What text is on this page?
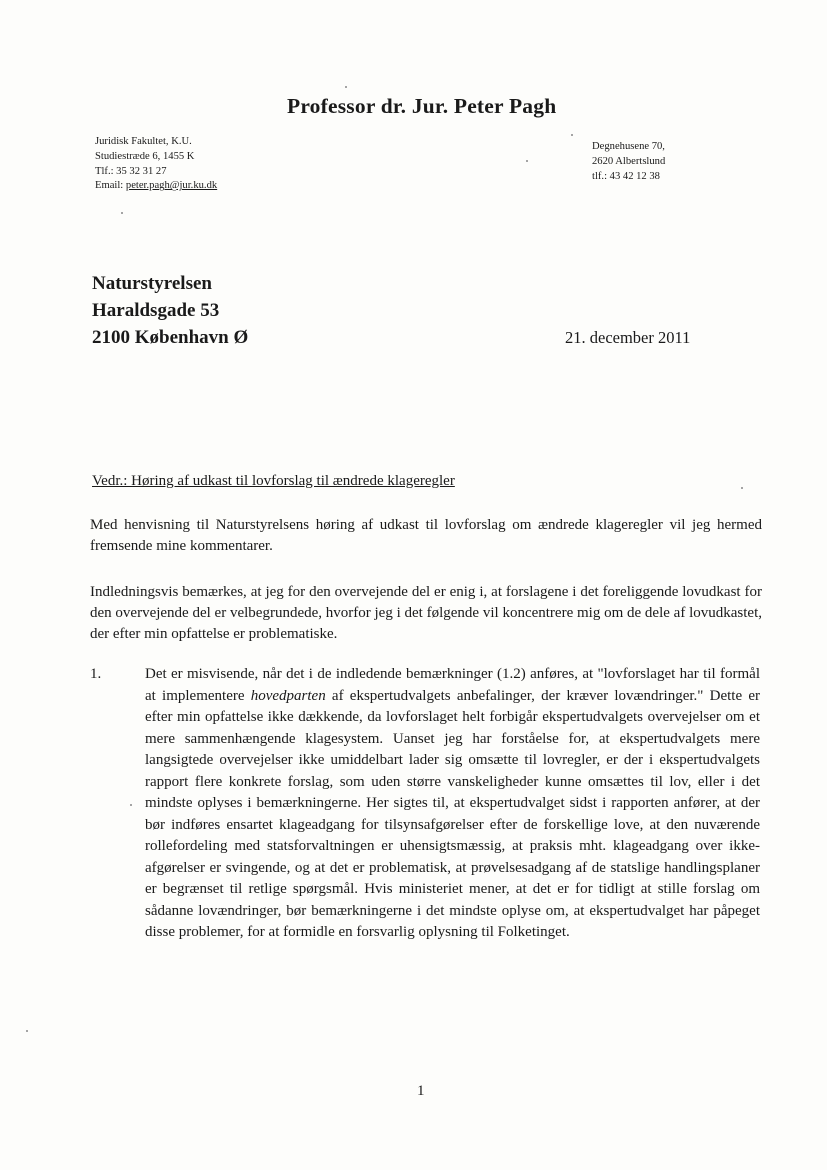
Professor dr. Jur. Peter Pagh
Juridisk Fakultet, K.U.
Studiestræde 6, 1455 K
Tlf.: 35 32 31 27
Email: peter.pagh@jur.ku.dk
Degnehusene 70,
2620 Albertslund
tlf.: 43 42 12 38
Naturstyrelsen
Haraldsgade 53
2100 København Ø	21. december 2011
Vedr.: Høring af udkast til lovforslag til ændrede klageregler
Med henvisning til Naturstyrelsens høring af udkast til lovforslag om ændrede klageregler vil jeg hermed fremsende mine kommentarer.
Indledningsvis bemærkes, at jeg for den overvejende del er enig i, at forslagene i det foreliggende lovudkast for den overvejende del er velbegrundede, hvorfor jeg i det følgende vil koncentrere mig om de dele af lovudkastet, der efter min opfattelse er problematiske.
1.	Det er misvisende, når det i de indledende bemærkninger (1.2) anføres, at "lovforslaget har til formål at implementere hovedparten af ekspertudvalgets anbefalinger, der kræver lovændringer." Dette er efter min opfattelse ikke dækkende, da lovforslaget helt forbigår ekspertudvalgets overvejelser om et mere sammenhængende klagesystem. Uanset jeg har forståelse for, at ekspertudvalgets mere langsigtede overvejelser ikke umiddelbart lader sig omsætte til lovregler, er der i ekspertudvalgets rapport flere konkrete forslag, som uden større vanskeligheder kunne omsættes til lov, eller i det mindste oplyses i bemærkningerne. Her sigtes til, at ekspertudvalget sidst i rapporten anfører, at der bør indføres ensartet klageadgang for tilsynsafgørelser efter de forskellige love, at den nuværende rollefordeling med statsforvaltningen er uhensigtsmæssig, at praksis mht. klageadgang over ikke-afgørelser er svingende, og at det er problematisk, at prøvelsesadgang af de statslige handlingsplaner er begrænset til retlige spørgsmål. Hvis ministeriet mener, at det er for tidligt at stille forslag om sådanne lovændringer, bør bemærkningerne i det mindste oplyse om, at ekspertudvalget har påpeget disse problemer, for at formidle en forsvarlig oplysning til Folketinget.
1
